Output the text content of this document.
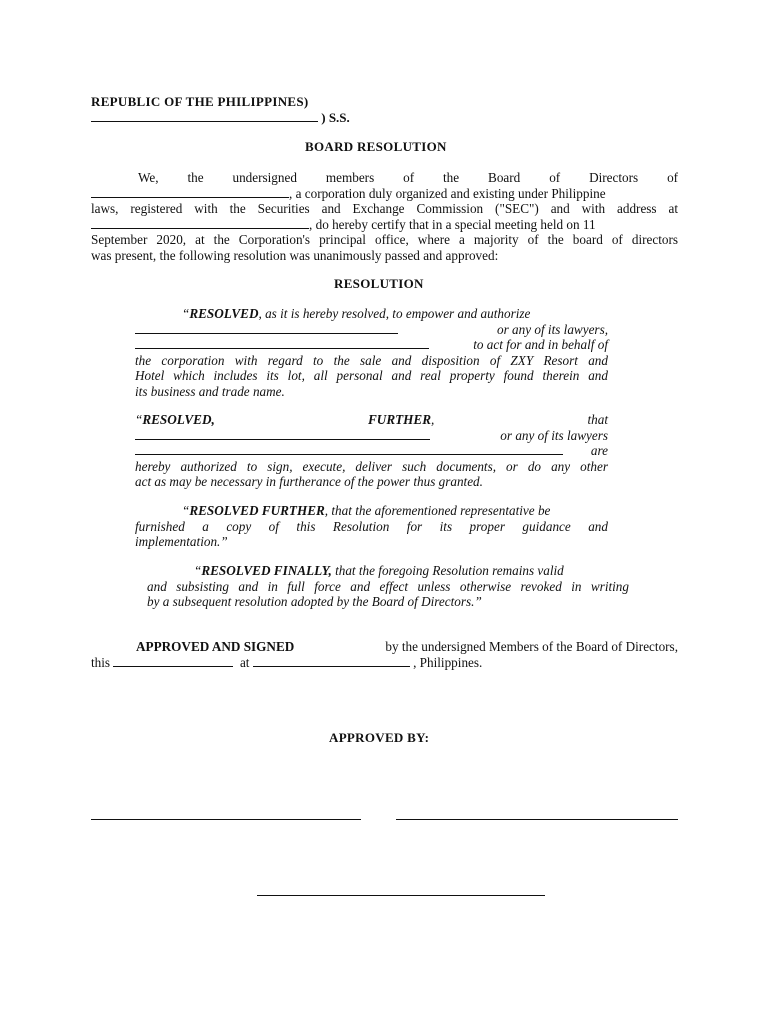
REPUBLIC OF THE PHILIPPINES)
) S.S.
BOARD RESOLUTION
We, the undersigned members of the Board of Directors of
, a corporation duly organized and existing under Philippine
laws, registered with the Securities and Exchange Commission ("SEC") and with address at
, do hereby certify that in a special meeting held on 11
September 2020, at the Corporation's principal office, where a majority of the board of directors
was present, the following resolution was unanimously passed and approved:
RESOLUTION
“RESOLVED, as it is hereby resolved, to empower and authorize
or any of its lawyers,
to act for and in behalf of
the corporation with regard to the sale and disposition of ZXY Resort and
Hotel which includes its lot, all personal and real property found therein and
its business and trade name.
“RESOLVED,	FURTHER,	that
or any of its lawyers
are
hereby authorized to sign, execute, deliver such documents, or do any other
act as may be necessary in furtherance of the power thus granted.
“RESOLVED FURTHER, that the aforementioned representative be
furnished a copy of this Resolution for its proper guidance and
implementation.”
“RESOLVED FINALLY, that the foregoing Resolution remains valid
and subsisting and in full force and effect unless otherwise revoked in writing
by a subsequent resolution adopted by the Board of Directors.”
APPROVED AND SIGNED	by the undersigned Members of the Board of Directors,
this	at	, Philippines.
APPROVED BY:
